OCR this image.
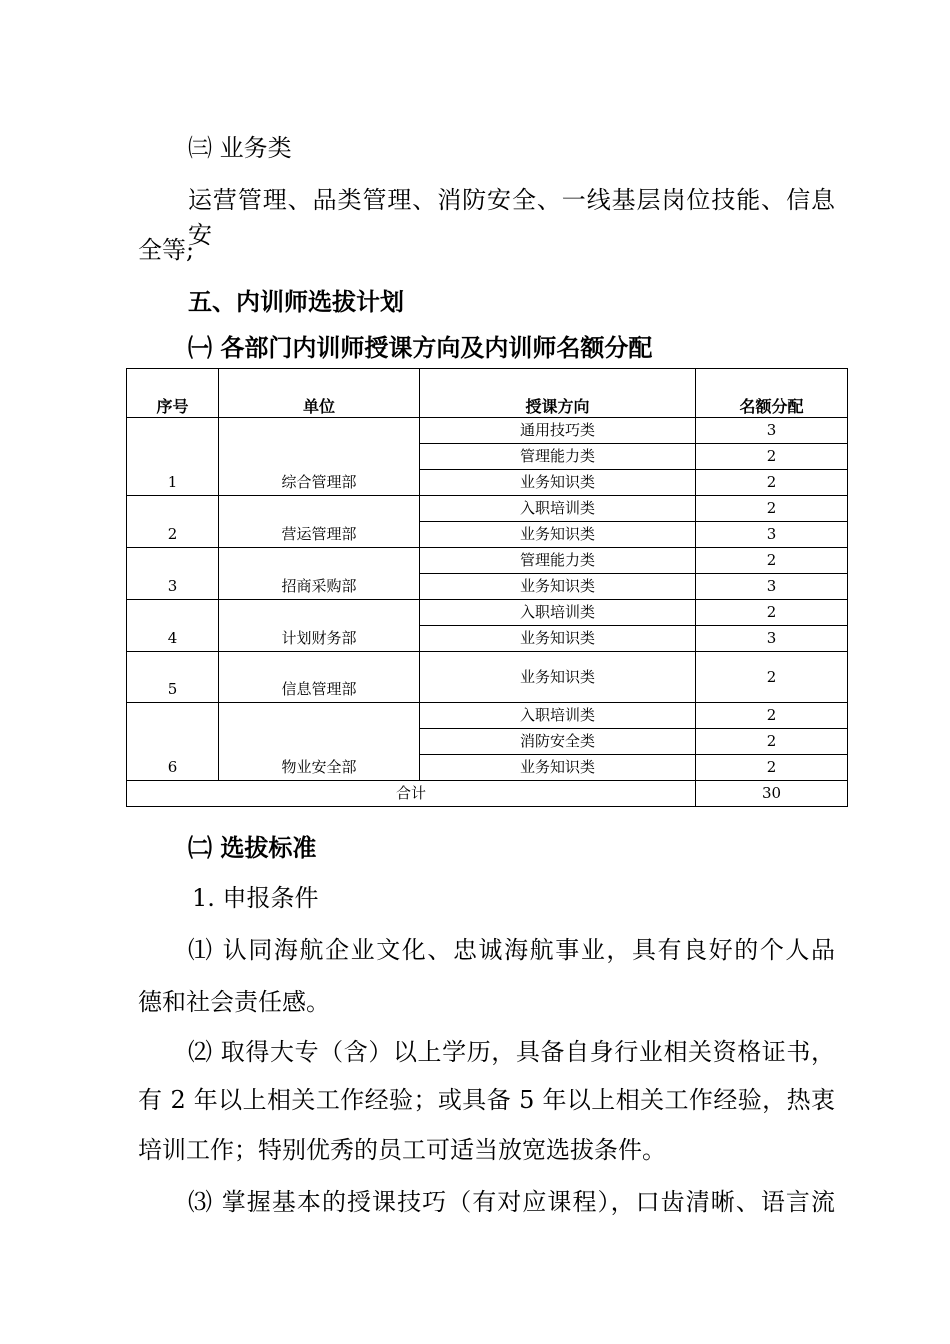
㈢ 业务类
运营管理、品类管理、消防安全、一线基层岗位技能、信息安
全等;
五、内训师选拔计划
㈠ 各部门内训师授课方向及内训师名额分配
序号	单位	授课方向	名额分配
1	综合管理部	通用技巧类	3
		管理能力类	2
		业务知识类	2
2	营运管理部	入职培训类	2
		业务知识类	3
3	招商采购部	管理能力类	2
		业务知识类	3
4	计划财务部	入职培训类	2
		业务知识类	3
5	信息管理部	业务知识类	2
6	物业安全部	入职培训类	2
		消防安全类	2
		业务知识类	2
合计			30
㈡ 选拔标准
1. 申报条件
⑴ 认同海航企业文化、忠诚海航事业，具有良好的个人品
德和社会责任感。
⑵ 取得大专（含）以上学历，具备自身行业相关资格证书，
有 2 年以上相关工作经验；或具备 5 年以上相关工作经验，热衷
培训工作；特别优秀的员工可适当放宽选拔条件。
⑶ 掌握基本的授课技巧（有对应课程），口齿清晰、语言流
